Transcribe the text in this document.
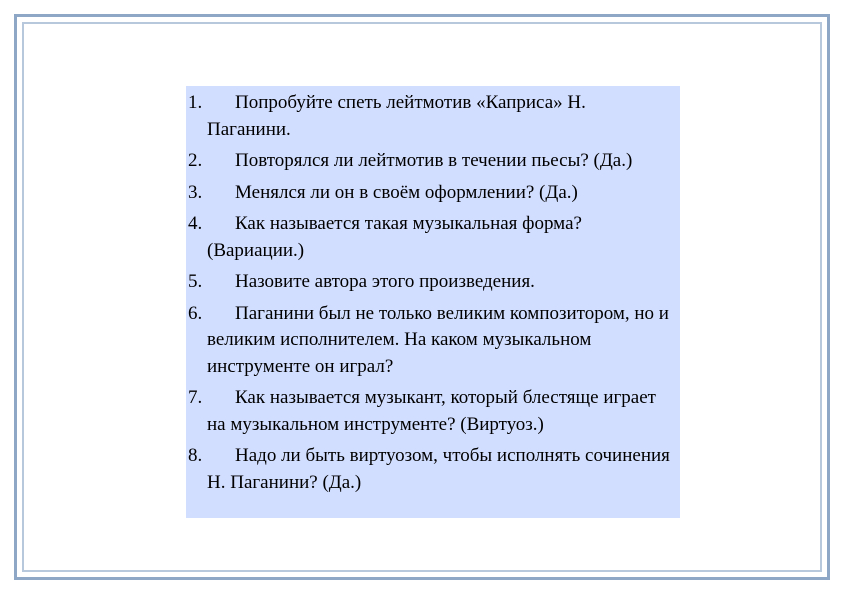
1.	Попробуйте спеть лейтмотив «Каприса» Н. Паганини.
2.	Повторялся ли лейтмотив в течении пьесы? (Да.)
3.	Менялся ли он в своём оформлении? (Да.)
4.	Как называется такая музыкальная форма? (Вариации.)
5.	Назовите автора этого произведения.
6.	Паганини был не только великим композитором, но и великим исполнителем. На каком музыкальном инструменте он играл?
7.	Как называется музыкант, который блестяще играет на музыкальном инструменте? (Виртуоз.)
8.	Надо ли быть виртуозом, чтобы исполнять сочинения Н. Паганини? (Да.)
